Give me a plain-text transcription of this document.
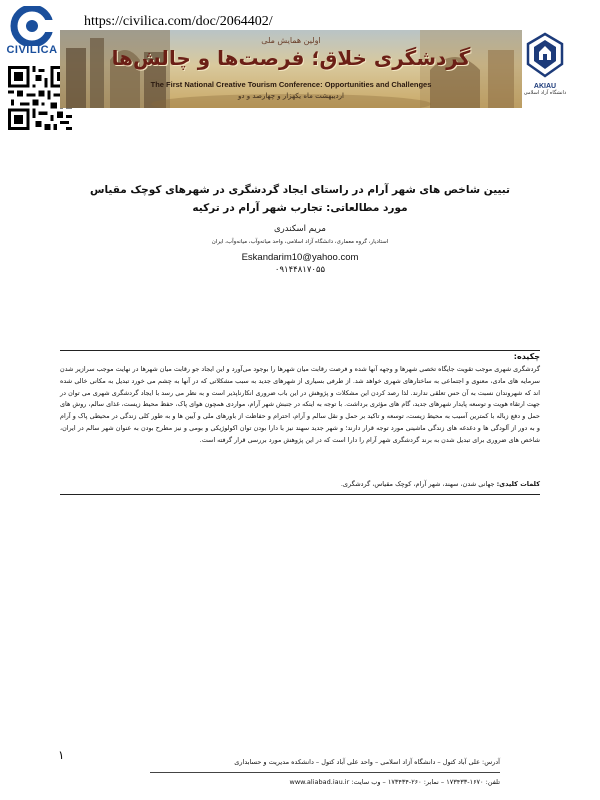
CIVILICA
https://civilica.com/doc/2064402/
اولین همایش ملی
گردشگری خلاق؛ فرصت‌ها و چالش‌ها
The First National Creative Tourism Conference: Opportunities and Challenges
اردیبهشت ماه یکهزار و چهارصد و دو
AKIAU
دانشگاه آزاد اسلامی
تبیین شاخص های شهر آرام در راستای ایجاد گردشگری در شهرهای کوچک مقیاس
مورد مطالعاتی: تجارب شهر آرام در ترکیه
مریم اسکندری
استادیار، گروه معماری، دانشگاه آزاد اسلامی، واحد میانه‌وآب، میانه‌وآب، ایران
Eskandarim10@yahoo.com
۰۹۱۴۴۸۱۷۰۵۵
چکیده:
گردشگری شهری موجب تقویت جایگاه تخصی شهرها و وجهه آنها شده و فرصت رقابت میان شهرها را بوجود می‌آورد و این ایجاد جو رقابت میان شهرها در نهایت موجب سرازیر شدن سرمایه های مادی، معنوی و اجتماعی به ساختارهای شهری خواهد شد. از طرفی بسیاری از شهرهای جدید به سبب مشکلاتی که در آنها به چشم می خورد تبدیل به مکانی خالی شده اند که شهروندان نسبت به آن حس تعلقی ندارند. لذا رصد کردن این مشکلات و پژوهش در این باب ضروری انکارناپذیر است و به نظر می رسد با ایجاد گردشگری شهری می توان در جهت ارتقاء هویت و توسعه پایدار شهرهای جدید، گام های مؤثری برداشت. با توجه به اینکه در جنبش شهر آرام، مواردی همچون هوای پاک، حفظ محیط زیست، غذای سالم، روش های حمل و دفع زباله با کمترین آسیب به محیط زیست، توسعه و تاکید بر حمل و نقل سالم و آرام، احترام و حفاظت از باورهای ملی و آیین ها و به طور کلی زندگی در محیطی پاک و آرام و به دور از آلودگی ها و دغدغه های زندگی ماشینی مورد توجه قرار دارند؛ و شهر جدید سهند نیز با دارا بودن توان اکولوژیکی و بومی و نیز مطرح بودن به عنوان شهر سالم در ایران، شاخص های ضروری برای تبدیل شدن به برند گردشگری شهر آرام را دارا است که در این پژوهش مورد بررسی قرار گرفته است.
کلمات کلیدی: جهانی شدن، سهند، شهر آرام، کوچک مقیاس، گردشگری.
۱	آدرس: علی آباد کتول – دانشگاه آزاد اسلامی – واحد علی آباد کتول – دانشکده مدیریت و حسابداری
تلفن: ۱۶۷۰-۱۷۳۴۳۳ – نمابر: ۲۶۰-۱۷۳۴۳۴ – وب سایت: www.aliabad.iau.ir
